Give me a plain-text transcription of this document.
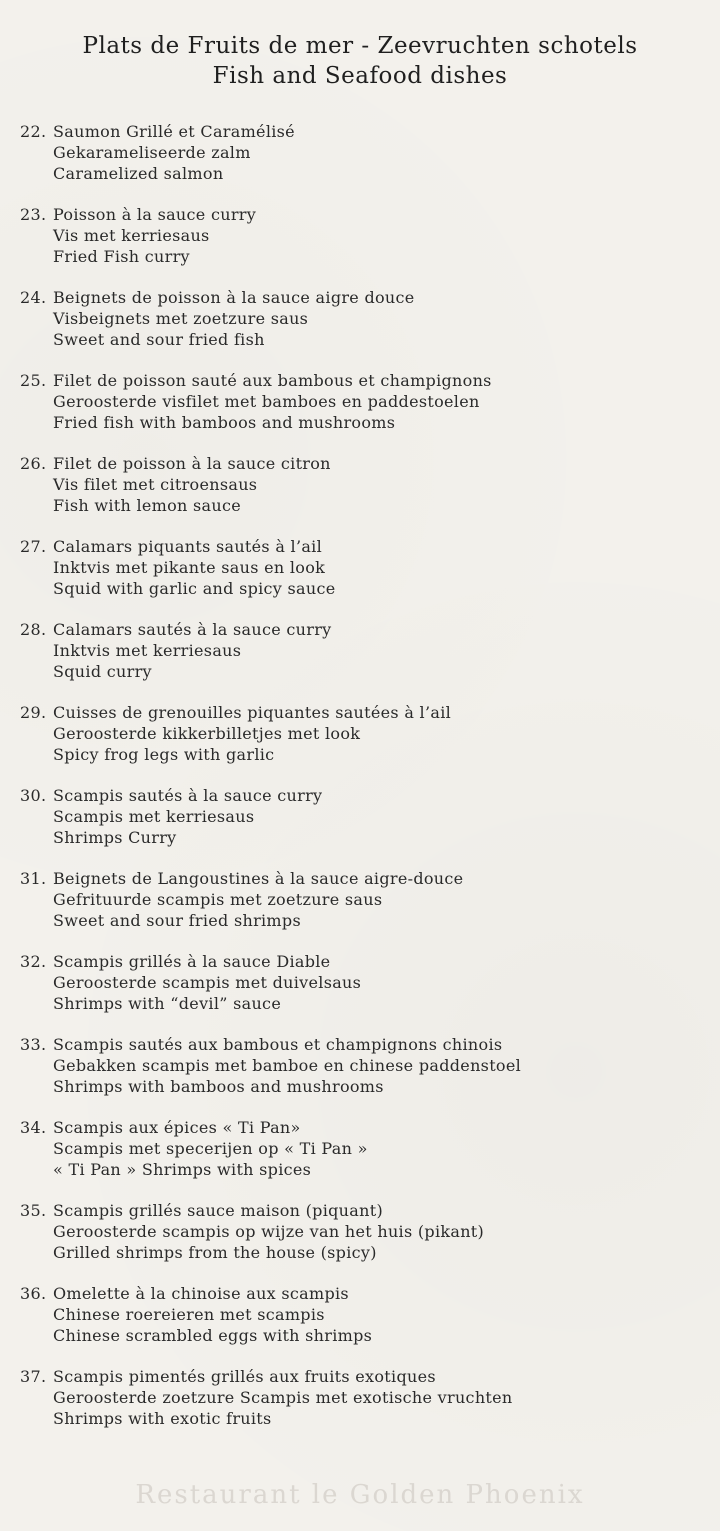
Plats de Fruits de mer - Zeevruchten schotels
Fish and Seafood dishes
22. Saumon Grillé et Caramélisé
Gekarameliseerde zalm
Caramelized salmon
23. Poisson à la sauce curry
Vis met kerriesaus
Fried Fish curry
24. Beignets de poisson à la sauce aigre douce
Visbeignets met zoetzure saus
Sweet and sour fried fish
25. Filet de poisson sauté aux bambous et champignons
Geroosterde visfilet met bamboes en paddestoelen
Fried fish with bamboos and mushrooms
26. Filet de poisson à la sauce citron
Vis filet met citroensaus
Fish with lemon sauce
27. Calamars piquants sautés à l’ail
Inktvis met pikante saus en look
Squid with garlic and spicy sauce
28. Calamars sautés à la sauce curry
Inktvis met kerriesaus
Squid curry
29. Cuisses de grenouilles piquantes sautées à l’ail
Geroosterde kikkerbilletjes met look
Spicy frog legs with garlic
30. Scampis sautés à la sauce curry
Scampis met kerriesaus
Shrimps Curry
31. Beignets de Langoustines à la sauce aigre-douce
Gefrituurde scampis met zoetzure saus
Sweet and sour fried shrimps
32. Scampis grillés à la sauce Diable
Geroosterde scampis met duivelsaus
Shrimps with “devil” sauce
33. Scampis sautés aux bambous et champignons chinois
Gebakken scampis met bamboe en chinese paddenstoel
Shrimps with bamboos and mushrooms
34. Scampis aux épices « Ti Pan»
Scampis met specerijen op « Ti Pan »
« Ti Pan » Shrimps with spices
35. Scampis grillés sauce maison (piquant)
Geroosterde scampis op wijze van het huis (pikant)
Grilled shrimps from the house (spicy)
36. Omelette à la chinoise aux scampis
Chinese roereieren met scampis
Chinese scrambled eggs with shrimps
37. Scampis pimentés grillés aux fruits exotiques
Geroosterde zoetzure Scampis met exotische vruchten
Shrimps with exotic fruits
Restaurant le Golden Phoenix
